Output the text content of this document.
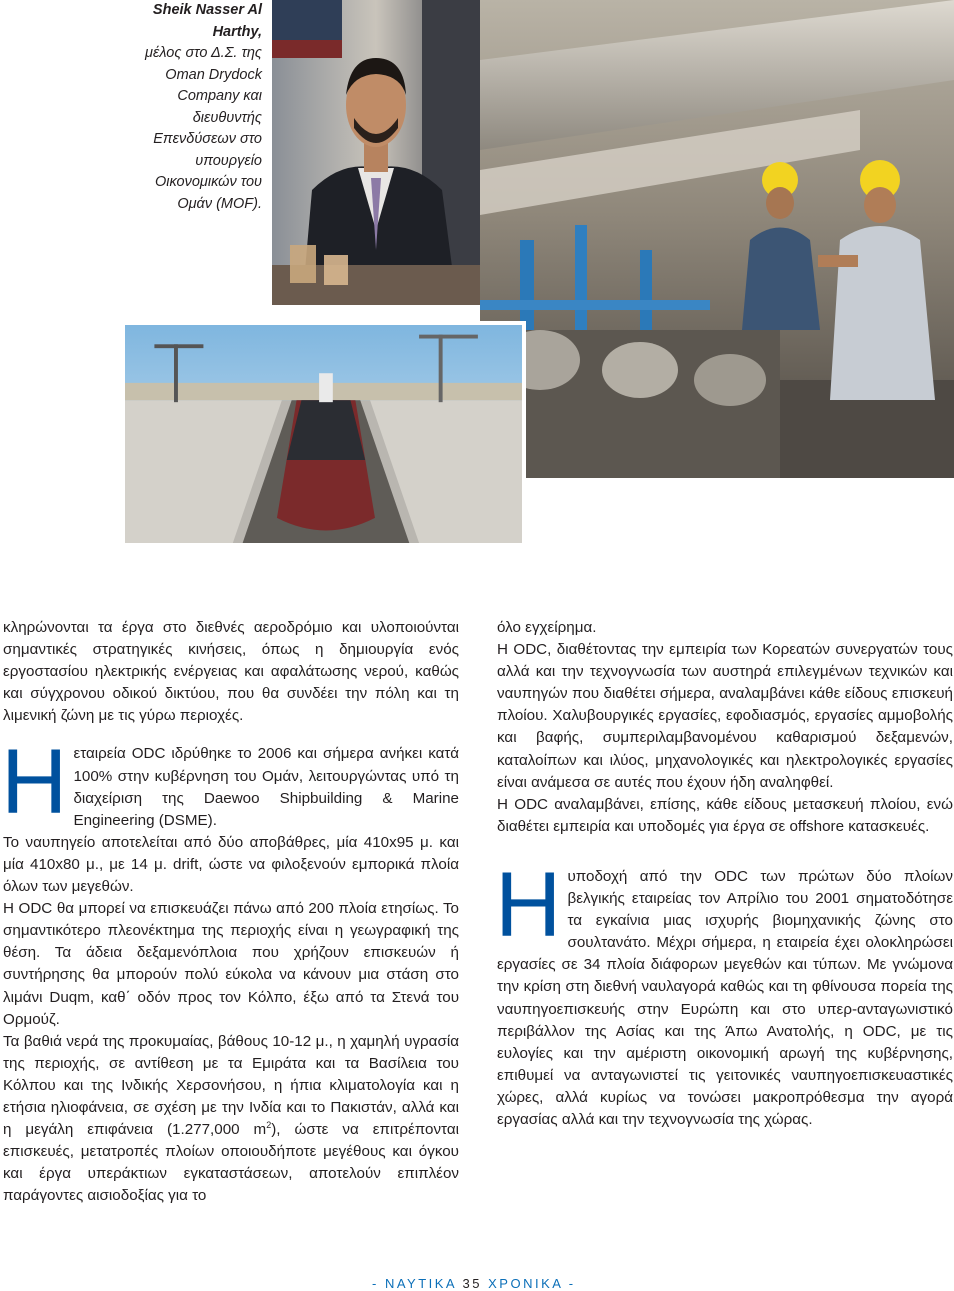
Sheik Nasser Al Harthy,
μέλος στο Δ.Σ. της Oman Drydock Company και διευθυντής Επενδύσεων στο υπουργείο Οικονομικών του Ομάν (MOF).

κληρώνονται τα έργα στο διεθνές αεροδρόμιο και υλοποιούνται σημαντικές στρατηγικές κινήσεις, όπως η δημιουργία ενός εργοστασίου ηλεκτρικής ενέργειας και αφαλάτωσης νερού, καθώς και σύγχρονου οδικού δικτύου, που θα συνδέει την πόλη και τη λιμενική ζώνη με τις γύρω περιοχές.

Ηεταιρεία ODC ιδρύθηκε το 2006 και σήμερα ανήκει κατά 100% στην κυβέρνηση του Ομάν, λειτουργώντας υπό τη διαχείριση της Daewoo Shipbuilding & Marine Engineering (DSME).

Το ναυπηγείο αποτελείται από δύο αποβάθρες, μία 410x95 μ. και μία 410x80 μ., με 14 μ. drift, ώστε να φιλοξενούν εμπορικά πλοία όλων των μεγεθών.

Η ODC θα μπορεί να επισκευάζει πάνω από 200 πλοία ετησίως. Το σημαντικότερο πλεονέκτημα της περιοχής είναι η γεωγραφική της θέση. Τα άδεια δεξαμενόπλοια που χρήζουν επισκευών ή συντήρησης θα μπορούν πολύ εύκολα να κάνουν μια στάση στο λιμάνι Duqm, καθ΄ οδόν προς τον Κόλπο, έξω από τα Στενά του Ορμούζ.

Τα βαθιά νερά της προκυμαίας, βάθους 10-12 μ., η χαμηλή υγρασία της περιοχής, σε αντίθεση με τα Εμιράτα και τα Βασίλεια του Κόλπου και της Ινδικής Χερσονήσου, η ήπια κλιματολογία και η ετήσια ηλιοφάνεια, σε σχέση με την Ινδία και το Πακιστάν, αλλά και η μεγάλη επιφάνεια (1.277,000 $m^2$), ώστε να επιτρέπονται επισκευές, μετατροπές πλοίων οποιουδήποτε μεγέθους και όγκου και έργα υπεράκτιων εγκαταστάσεων, αποτελούν επιπλέον παράγοντες αισιοδοξίας για το

όλο εγχείρημα.

Η ODC, διαθέτοντας την εμπειρία των Κορεατών συνεργατών τους αλλά και την τεχνογνωσία των αυστηρά επιλεγμένων τεχνικών και ναυπηγών που διαθέτει σήμερα, αναλαμβάνει κάθε είδους επισκευή πλοίου. Χαλυβουργικές εργασίες, εφοδιασμός, εργασίες αμμοβολής και βαφής, συμπεριλαμβανομένου καθαρισμού δεξαμενών, καταλοίπων και ιλύος, μηχανολογικές και ηλεκτρολογικές εργασίες είναι ανάμεσα σε αυτές που έχουν ήδη αναληφθεί.

Η ODC αναλαμβάνει, επίσης, κάθε είδους μετασκευή πλοίου, ενώ διαθέτει εμπειρία και υποδομές για έργα σε offshore κατασκευές.

Ηυποδοχή από την ODC των πρώτων δύο πλοίων βελγικής εταιρείας τον Απρίλιο του 2001 σηματοδότησε τα εγκαίνια μιας ισχυρής βιομηχανικής ζώνης στο σουλτανάτο. Μέχρι σήμερα, η εταιρεία έχει ολοκληρώσει εργασίες σε 34 πλοία διάφορων μεγεθών και τύπων. Με γνώμονα την κρίση στη διεθνή ναυλαγορά καθώς και τη φθίνουσα πορεία της ναυπηγοεπισκευής στην Ευρώπη και στο υπερ-ανταγωνιστικό περιβάλλον της Ασίας και της Άπω Ανατολής, η ODC, με τις ευλογίες και την αμέριστη οικονομική αρωγή της κυβέρνησης, επιθυμεί να ανταγωνιστεί τις γειτονικές ναυπηγοεπισκευαστικές χώρες, αλλά κυρίως να τονώσει μακροπρόθεσμα την αγορά εργασίας αλλά και την τεχνογνωσία της χώρας.

- ΝΑΥΤΙΚΑ 35 ΧΡΟΝΙΚΑ -
